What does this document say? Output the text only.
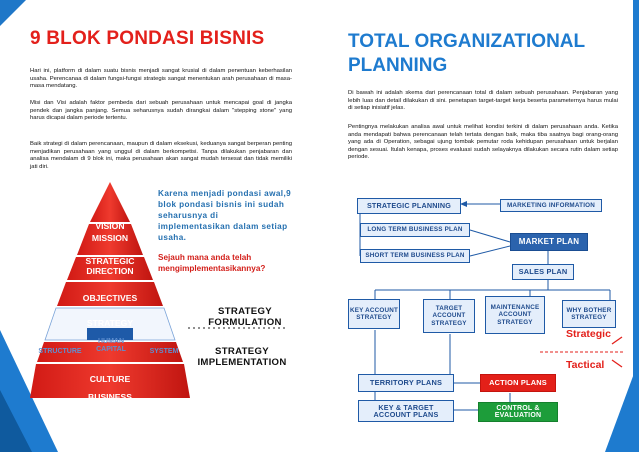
9 BLOK PONDASI BISNIS

Hari ini, platform di dalam suatu bisnis menjadi sangat krusial di dalam penentuan keberhasilan usaha. Perencanaa di dalam fungsi-fungsi strategis sangat menentukan arah perusahaan di masa-masa mendatang.

Misi dan Visi adalah faktor pembeda dari sebuah perusahaan untuk mencapai goal di jangka pendek dan jangka panjang. Semua seharusnya sudah dirangkai dalam "stepping stone" yang harus dicapai dalam periode tertentu.

Baik strategi di dalam perencanaan, maupun di dalam eksekusi, keduanya sangat berperan penting menjadikan perusahaan yang unggul di dalam berkompetisi. Tanpa dilakukan penjabaran dan analisa mendalam di 9 blok ini, maka perusahaan akan sangat mudah tersesat dan tidak memiliki jati diri.

Karena menjadi pondasi awal,9 blok pondasi bisnis ini sudah seharusnya di implementasikan dalam setiap usaha.
Sejauh mana anda telah mengimplementasikannya?
VISION
MISSION
STRATEGIC DIRECTION
OBJECTIVES
STRATEGY
STRUCTURE
HUMAN CAPITAL	SYSTEM
CULTURE
BUSINESS PROCESS
STRATEGY FORMULATION
STRATEGY IMPLEMENTATION
TOTAL ORGANIZATIONAL PLANNING

Di bawah ini adalah skema dari perencanaan total di dalam sebuah perusahaan. Penjabaran yang lebih luas dan detail dilakukan di sini. penetapan target-target kerja beserta parameternya harus mulai di setiap inisiatif jelas.

Pentingnya melakukan analisa awal untuk melihat kondisi terkini di dalam perusahaan anda. Ketika anda mendapati bahwa perencanaan telah tertata dengan baik, maka tiba saatnya bagi orang-orang yang ada di Operation, sebagai ujung tombak pemutar roda kehidupan perusahaan untuk berjalan dengan sesuai. Itulah kenapa, proses evaluasi sudah selayaknya dilakukan secara rutin dalam setiap periode.

STRATEGIC PLANNING	MARKETING INFORMATION
LONG TERM BUSINESS PLAN
SHORT TERM BUSINESS PLAN
MARKET PLAN
SALES PLAN
KEY ACCOUNT STRATEGY
TARGET ACCOUNT STRATEGY
MAINTENANCE ACCOUNT STRATEGY
WHY BOTHER STRATEGY
Strategic
Tactical
TERRITORY PLANS	ACTION PLANS
KEY & TARGET ACCOUNT PLANS
CONTROL & EVALUATION
